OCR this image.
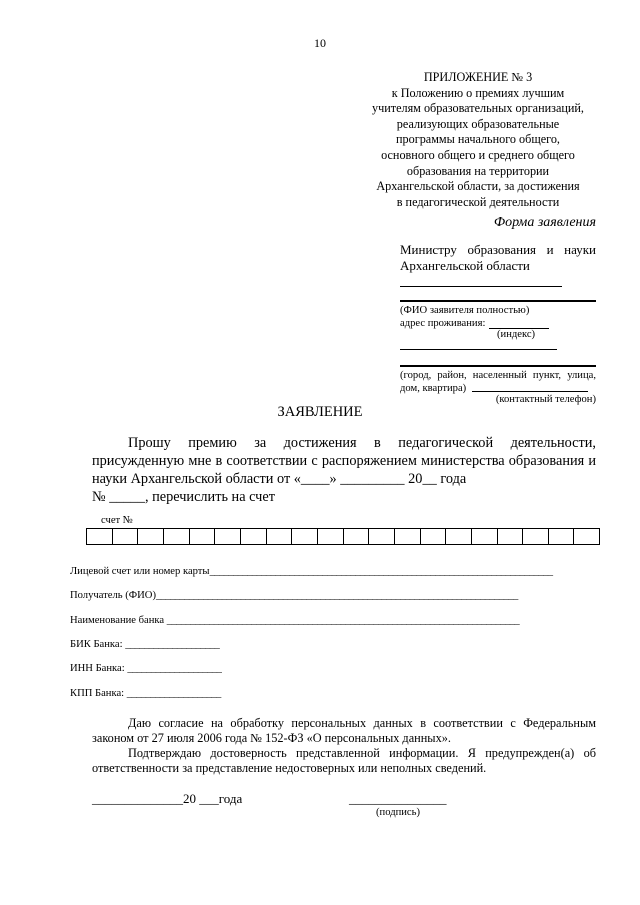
10
ПРИЛОЖЕНИЕ № 3
к Положению о премиях лучшим
учителям образовательных организаций,
реализующих образовательные
программы начального общего,
основного общего и среднего общего
образования на территории
Архангельской области, за достижения
в педагогической деятельности
Форма заявления
Министру образования и науки Архангельской области
(ФИО заявителя полностью)
адрес проживания:
(индекс)
(город, район, населенный пункт, улица, дом, квартира)
(контактный телефон)
ЗАЯВЛЕНИЕ
Прошу премию за достижения в педагогической деятельности, присужденную мне в соответствии с распоряжением министерства образования и науки Архангельской области от «____» _________ 20__ года
№ _____, перечислить на счет
счет №
Лицевой счет или номер карты_________________________________________________________________________
Получатель (ФИО)_____________________________________________________________________________
Наименование банка ___________________________________________________________________________
БИК Банка: ____________________
ИНН Банка: ____________________
КПП Банка: ____________________

Даю согласие на обработку персональных данных в соответствии с Федеральным законом от 27 июля 2006 года № 152-ФЗ «О персональных данных».

Подтверждаю достоверность представленной информации. Я предупрежден(а) об ответственности за представление недостоверных или неполных сведений.

______________20 ___года	_______________
(подпись)
